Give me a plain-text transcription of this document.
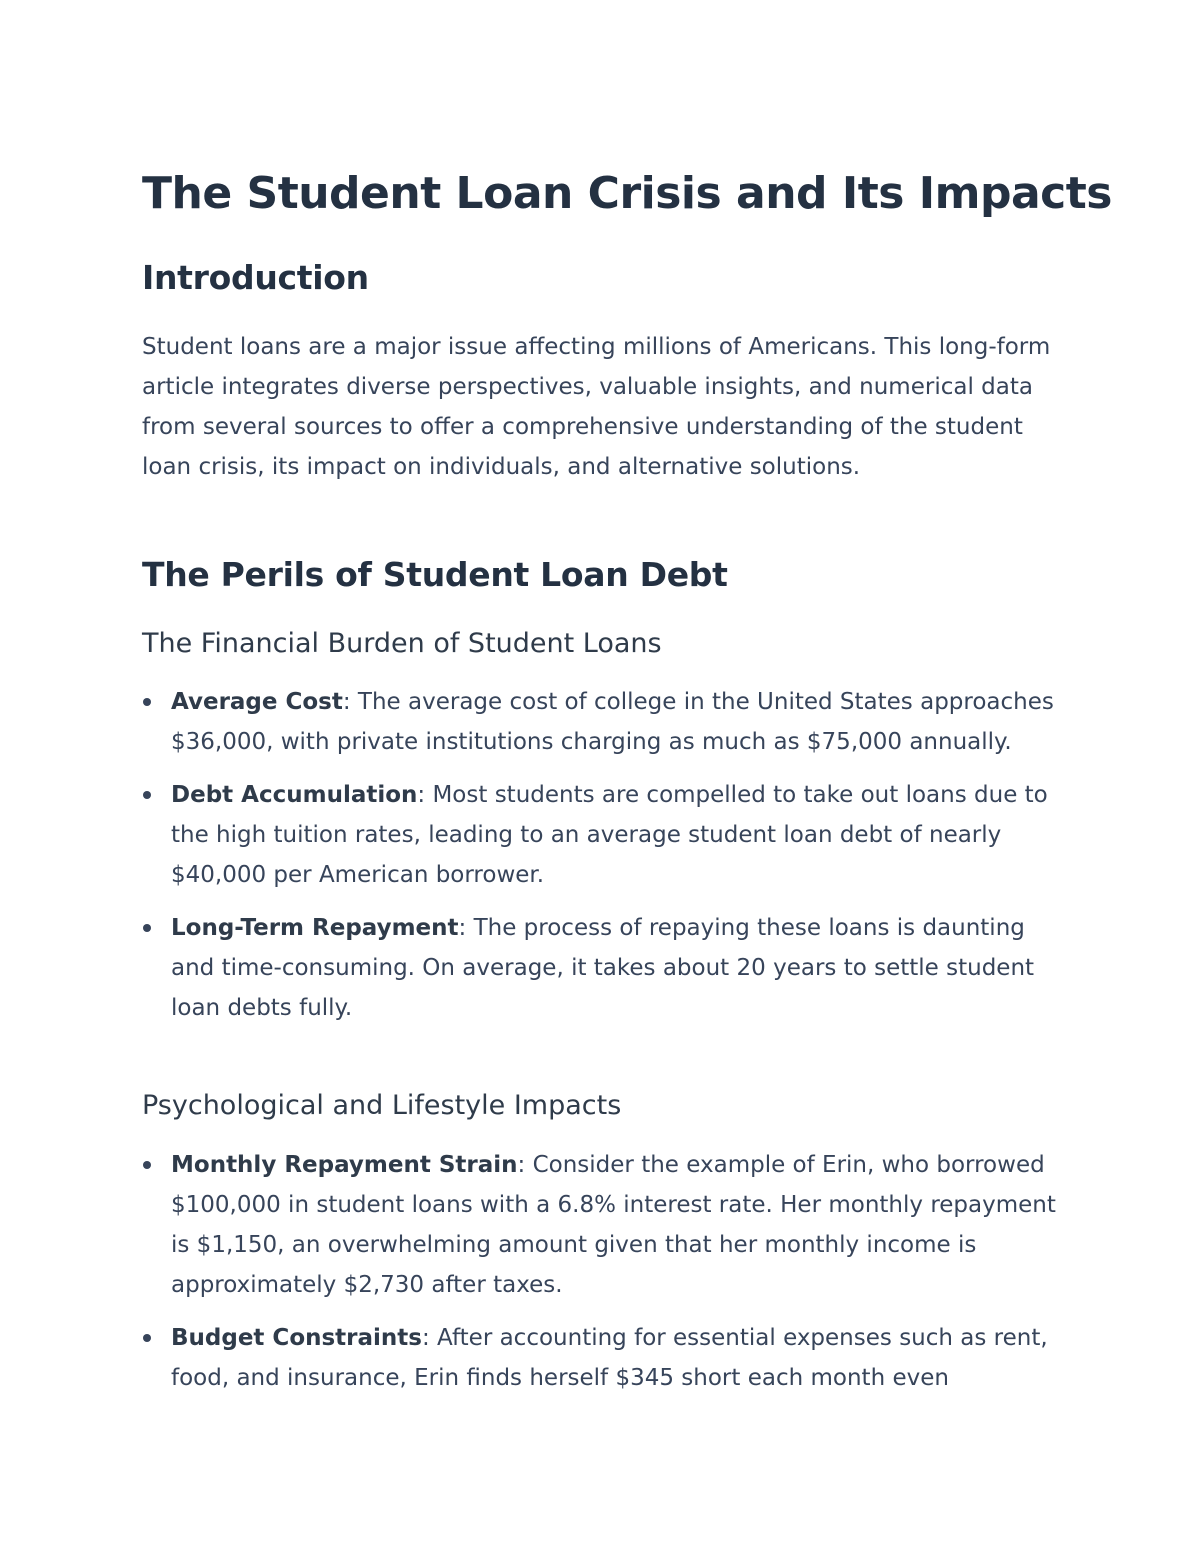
The Student Loan Crisis and Its Impacts
Introduction

Student loans are a major issue affecting millions of Americans. This long-form article integrates diverse perspectives, valuable insights, and numerical data from several sources to offer a comprehensive understanding of the student loan crisis, its impact on individuals, and alternative solutions.

The Perils of Student Loan Debt
The Financial Burden of Student Loans
Average Cost: The average cost of college in the United States approaches $36,000, with private institutions charging as much as $75,000 annually.
Debt Accumulation: Most students are compelled to take out loans due to the high tuition rates, leading to an average student loan debt of nearly $40,000 per American borrower.
Long-Term Repayment: The process of repaying these loans is daunting and time-consuming. On average, it takes about 20 years to settle student loan debts fully.
Psychological and Lifestyle Impacts
Monthly Repayment Strain: Consider the example of Erin, who borrowed $100,000 in student loans with a 6.8% interest rate. Her monthly repayment is $1,150, an overwhelming amount given that her monthly income is approximately $2,730 after taxes.
Budget Constraints: After accounting for essential expenses such as rent, food, and insurance, Erin finds herself $345 short each month even
